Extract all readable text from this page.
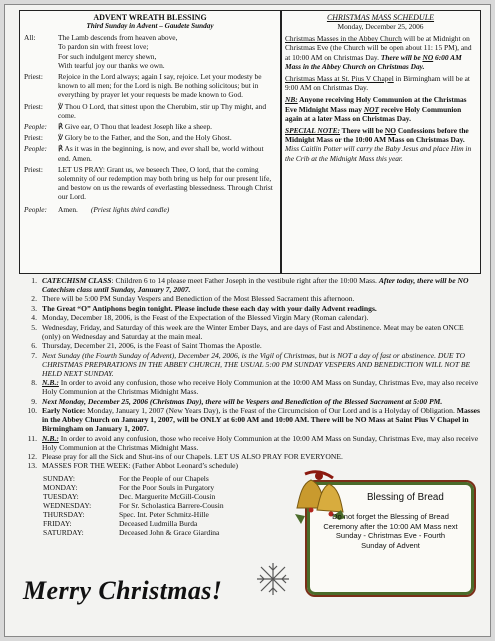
ADVENT WREATH BLESSING
Third Sunday in Advent – Gaudete Sunday
All:	The Lamb descends from heaven above,
To pardon sin with freest love;
For such indulgent mercy shewn,
With tearful joy our thanks we own.
Priest:	Rejoice in the Lord always; again I say, rejoice. Let your modesty be known to all men; for the Lord is nigh. Be nothing solicitous; but in everything by prayer let your requests be made known to God.
Priest:	℣ Thou O Lord, that sittest upon the Cherubim, stir up Thy might, and come.
People:	℟ Give ear, O Thou that leadest Joseph like a sheep.
Priest:	℣ Glory be to the Father, and the Son, and the Holy Ghost.
People:	℟ As it was in the beginning, is now, and ever shall be, world without end. Amen.
Priest:	LET US PRAY: Grant us, we beseech Thee, O lord, that the coming solemnity of our redemption may both bring us help for our present life, and bestow on us the rewards of everlasting blessedness. Through Christ our Lord.
People:	Amen. (Priest lights third candle)
CHRISTMAS MASS SCHEDULE
Monday, December 25, 2006
Christmas Masses in the Abbey Church will be at Midnight on Christmas Eve (the Church will be open about 11: 15 PM), and at 10:00 AM on Christmas Day. There will be NO 6:00 AM Mass in the Abbey Church on Christmas Day.
Christmas Mass at St. Pius V Chapel in Birmingham will be at 9:00 AM on Christmas Day.
NB: Anyone receiving Holy Communion at the Christmas Eve Midnight Mass may NOT receive Holy Communion again at a later Mass on Christmas Day.
SPECIAL NOTE: There will be NO Confessions before the Midnight Mass or the 10:00 AM Mass on Christmas Day.
Miss Caitlin Potter will carry the Baby Jesus and place Him in the Crib at the Midnight Mass this year.
1. CATECHISM CLASS: Children 6 to 14 please meet Father Joseph in the vestibule right after the 10:00 Mass. After today, there will be NO Catechism class until Sunday, January 7, 2007.
2. There will be 5:00 PM Sunday Vespers and Benediction of the Most Blessed Sacrament this afternoon.
3. The Great “O” Antiphons begin tonight. Please include these each day with your daily Advent readings.
4. Monday, December 18, 2006, is the Feast of the Expectation of the Blessed Virgin Mary (Roman calendar).
5. Wednesday, Friday, and Saturday of this week are the Winter Ember Days, and are days of Fast and Abstinence. Meat may be eaten ONCE (only) on Wednesday and Saturday at the main meal.
6. Thursday, December 21, 2006, is the Feast of Saint Thomas the Apostle.
7. Next Sunday (the Fourth Sunday of Advent), December 24, 2006, is the Vigil of Christmas, but is NOT a day of fast or abstinence. DUE TO CHRISTMAS PREPARATIONS IN THE ABBEY CHURCH, THE USUAL 5:00 PM SUNDAY VESPERS AND BENEDICTION WILL NOT BE HELD NEXT SUNDAY.
8. N.B.: In order to avoid any confusion, those who receive Holy Communion at the 10:00 AM Mass on Sunday, Christmas Eve, may also receive Holy Communion at the Christmas Midnight Mass.
9. Next Monday, December 25, 2006 (Christmas Day), there will be Vespers and Benediction of the Blessed Sacrament at 5:00 PM.
10. Early Notice: Monday, January 1, 2007 (New Years Day), is the Feast of the Circumcision of Our Lord and is a Holyday of Obligation. Masses in the Abbey Church on January 1, 2007, will be ONLY at 6:00 AM and 10:00 AM. There will be NO Mass at Saint Pius V Chapel in Birmingham on January 1, 2007.
11. N.B.: In order to avoid any confusion, those who receive Holy Communion at the 10:00 AM Mass on Sunday, Christmas Eve, may also receive Holy Communion at the Christmas Midnight Mass.
12. Please pray for all the Sick and Shut-ins of our Chapels. LET US ALSO PRAY FOR EVERYONE.
13. MASSES FOR THE WEEK: (Father Abbot Leonard’s schedule)
SUNDAY:	For the People of our Chapels
MONDAY:	For the Poor Souls in Purgatory
TUESDAY:	Dec. Marguerite McGill-Cousin
WEDNESDAY:	For Sr. Scholastica Barrere-Cousin
THURSDAY:	Spec. Int. Peter Schmitz-Hille
FRIDAY:	Deceased Ludmilla Burda
SATURDAY:	Deceased John & Grace Giardina
Blessing of Bread
Do not forget the Blessing of Bread Ceremony after the 10:00 AM Mass next Sunday - Christmas Eve - Fourth Sunday of Advent
Merry Christmas!
